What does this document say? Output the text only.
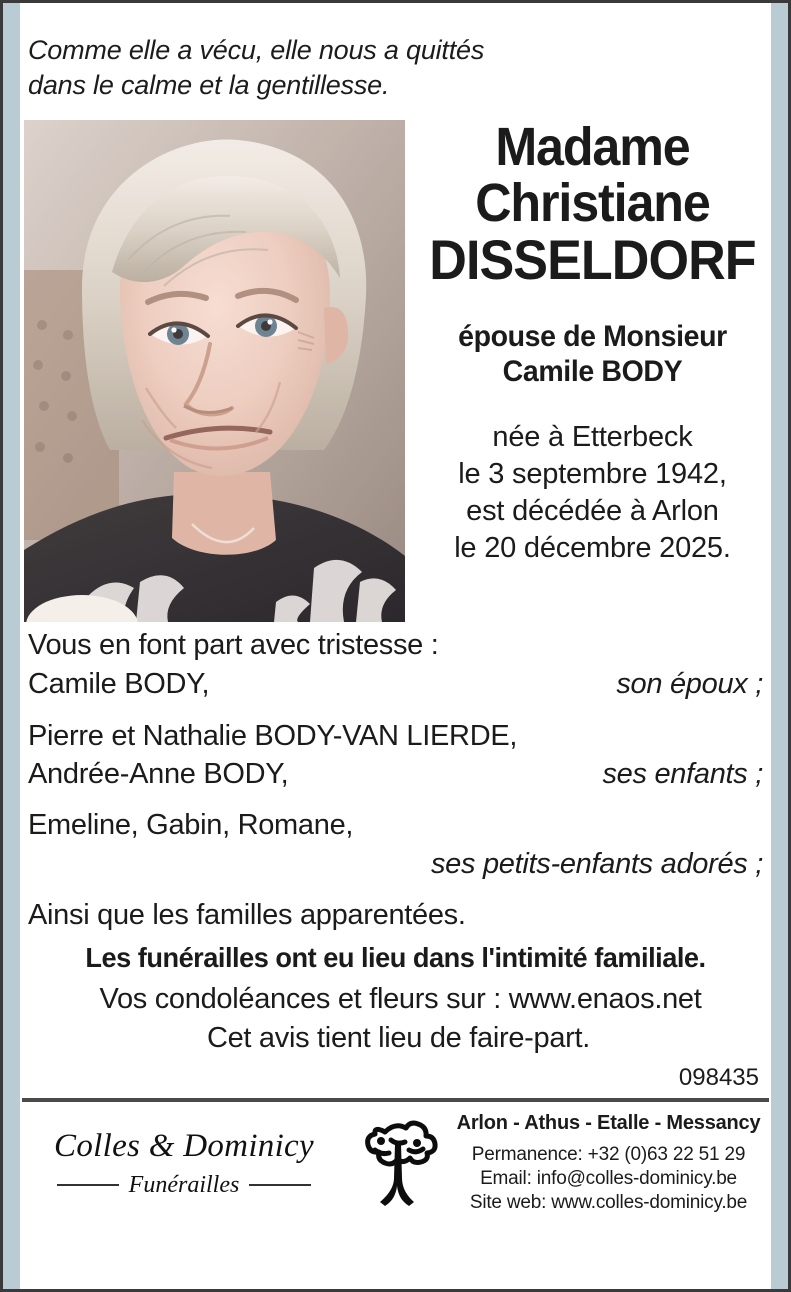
Comme elle a vécu, elle nous a quittés
dans le calme et la gentillesse.
Madame
Christiane
DISSELDORF
épouse de Monsieur
Camile BODY
née à Etterbeck
le 3 septembre 1942,
est décédée à Arlon
le 20 décembre 2025.
Vous en font part avec tristesse :
Camile BODY,	son époux ;
Pierre et Nathalie BODY-VAN LIERDE,
Andrée-Anne BODY,	ses enfants ;
Emeline, Gabin, Romane,
ses petits-enfants adorés ;
Ainsi que les familles apparentées.
Les funérailles ont eu lieu dans l'intimité familiale.
Vos condoléances et fleurs sur : www.enaos.net
Cet avis tient lieu de faire-part.
098435
Colles & Dominicy
Funérailles
Arlon - Athus - Etalle - Messancy
Permanence: +32 (0)63 22 51 29
Email: info@colles-dominicy.be
Site web: www.colles-dominicy.be
